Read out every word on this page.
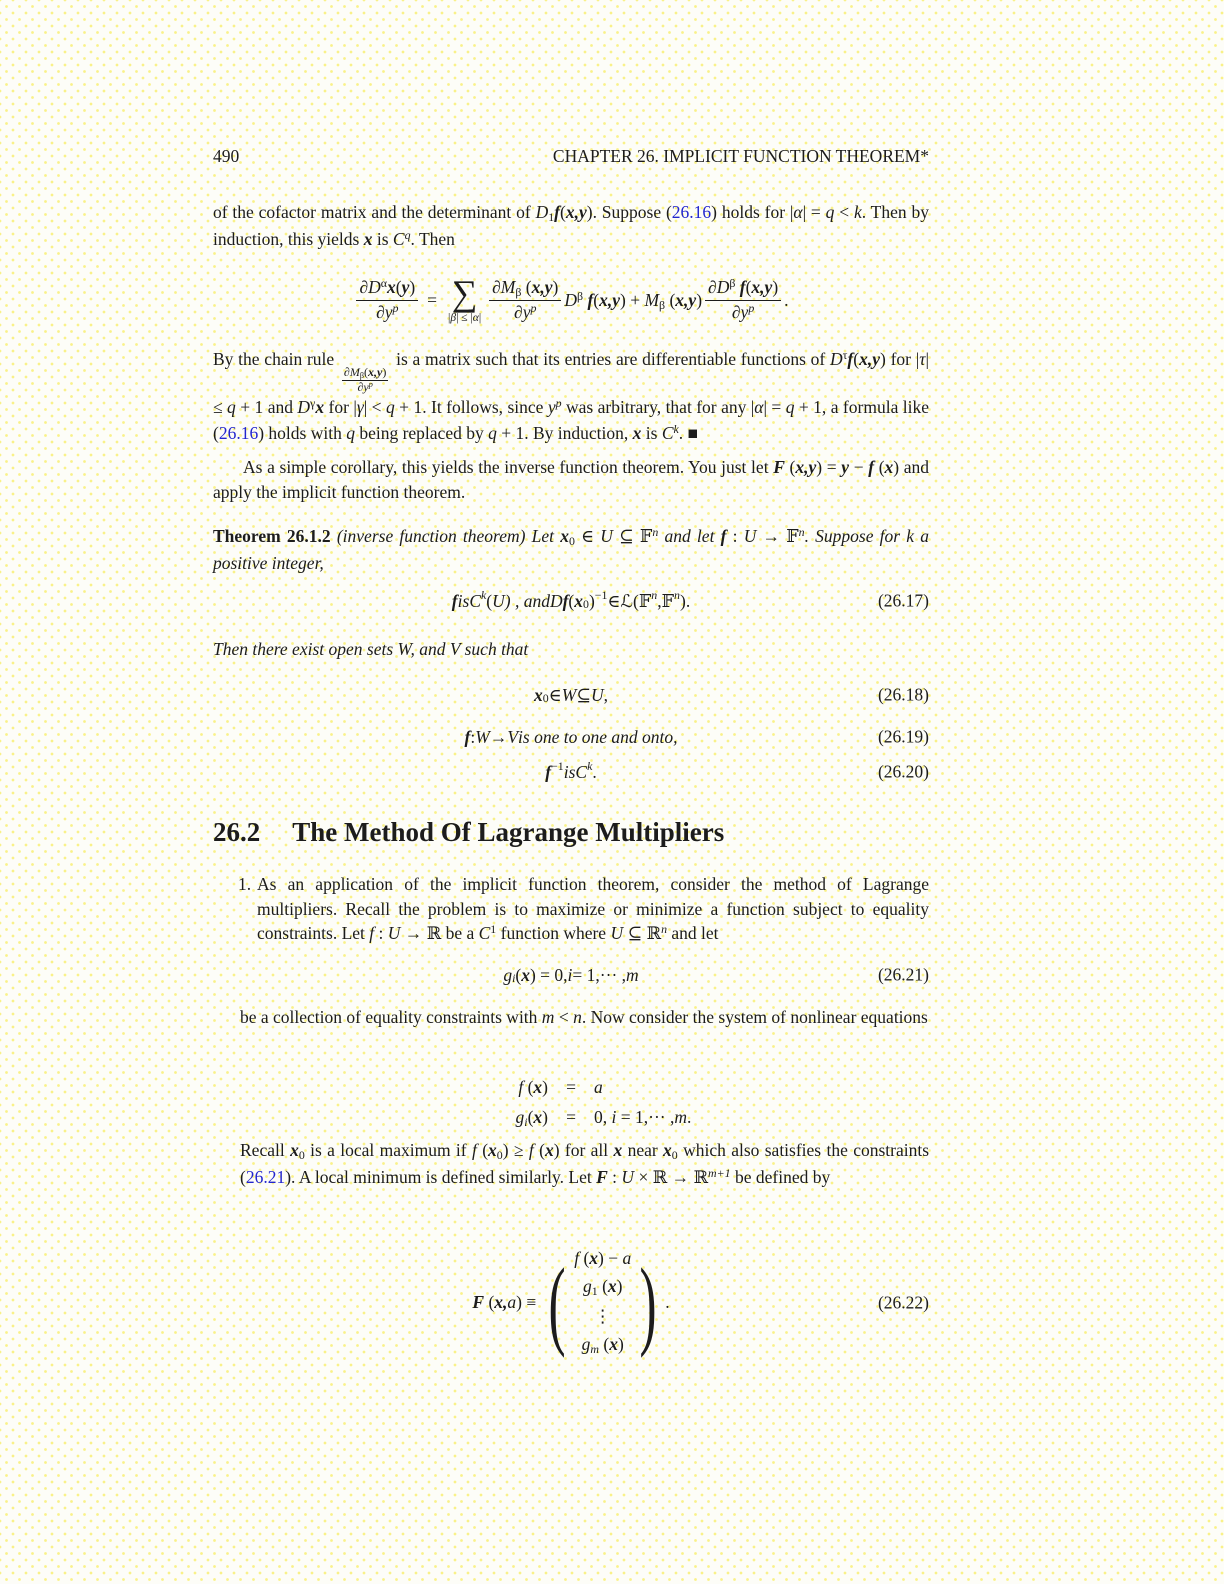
490	CHAPTER 26. IMPLICIT FUNCTION THEOREM*
of the cofactor matrix and the determinant of D1f(x,y). Suppose (26.16) holds for |α| = q < k. Then by induction, this yields x is $C^q$. Then
$\frac{\partial D^\alpha x(y)}{\partial y^p}$ = ∑
$|\beta| \le |\alpha| \frac{\partial M\beta (x,y)}{\partial y^p} D^\beta$ f(x,y) + Mβ $(x,y) \frac{\partial D^\beta f(x,y)}{\partial y^p}$ .
By the chain rule
$\frac{\partial M\beta(x,y)}{\partial y^p}$
is a matrix such that its entries are differentiable functions of $D^\tau f(x,y)$ for |τ| ≤ q + 1 and $D^\gamma x$ for |γ| < q + 1. It follows, since $y^p$ was arbitrary, that for any |α| = q + 1, a formula like (26.16) holds with q being replaced by q + 1. By induction, x is $C^k$. ■
As a simple corollary, this yields the inverse function theorem. You just let F (x,y) = y − f (x) and apply the implicit function theorem.
Theorem 26.1.2 (inverse function theorem) Let x0 ∈ U ⊆ 𝔽$^n$ and let f : U → 𝔽$^n$. Suppose for k a positive integer,
f is C k ( U ) , and D f ( x 0 ) −1 ∈ ℒ ( 𝔽 n , 𝔽 n ).	(26.17)
Then there exist open sets W, and V such that
x 0 ∈ W ⊆ U ,	(26.18)
f : W → V is one to one and onto,	(26.19)
f −1 is C k .	(26.20)
26.2 The Method Of Lagrange Multipliers
1. As an application of the implicit function theorem, consider the method of Lagrange multipliers. Recall the problem is to maximize or minimize a function subject to equality constraints. Let f : U → ℝ be a $C^1$ function where U ⊆ ℝ$^n$ and let
g i ( x ) = 0, i = 1,··· , m	(26.21)
be a collection of equality constraints with m < n. Now consider the system of nonlinear equations
f (x)	=	a
gi(x)	=	0, i = 1,··· ,m.
Recall x0 is a local maximum if f (x0) ≥ f (x) for all x near x0 which also satisfies the constraints (26.21). A local minimum is defined similarly. Let F : U × ℝ → ℝ$^{m+1}$ be defined by
F (x,a) ≡ ( f (x) − a
g1 (x)
⋮
gm (x) ) .	(26.22)
